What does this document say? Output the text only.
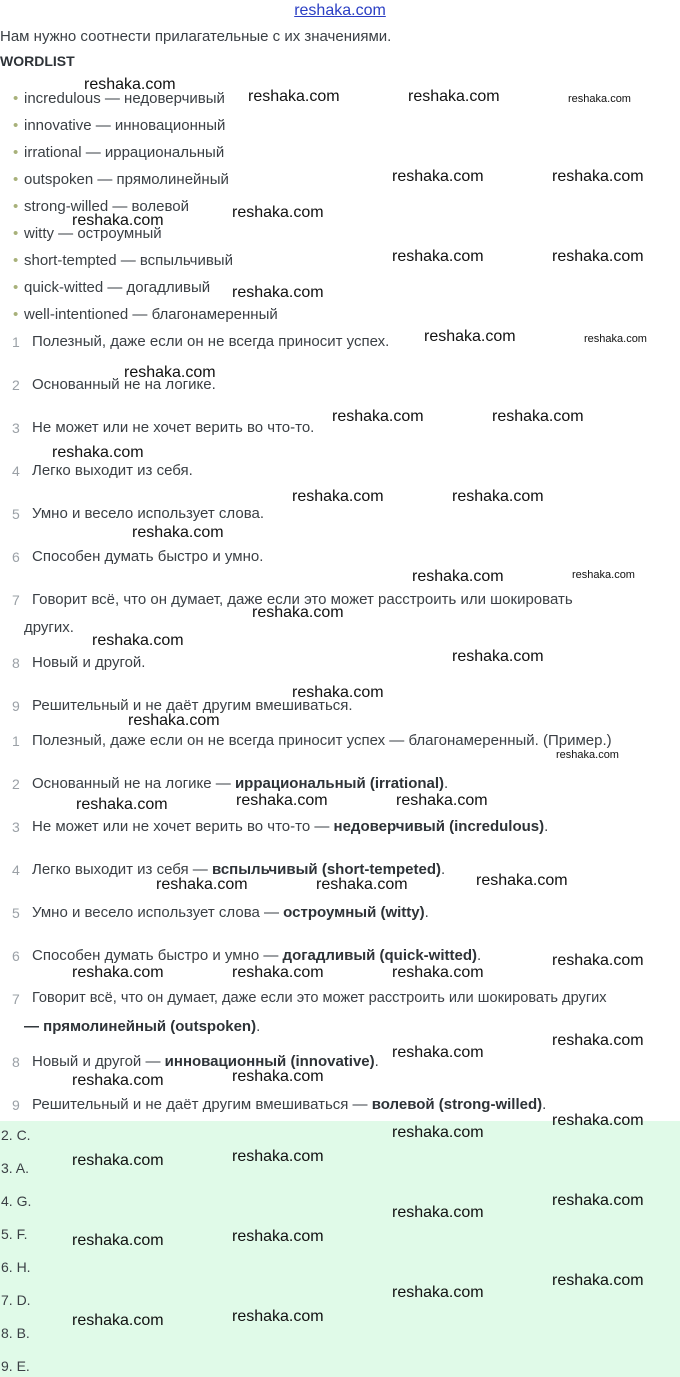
reshaka.com
Нам нужно соотнести прилагательные с их значениями.
WORDLIST
• incredulous — недоверчивый
• innovative — инновационный
• irrational — иррациональный
• outspoken — прямолинейный
• strong-willed — волевой
• witty — остроумный
• short-tempted — вспыльчивый
• quick-witted — догадливый
• well-intentioned — благонамеренный
1 Полезный, даже если он не всегда приносит успех.
2 Основанный не на логике.
3 Не может или не хочет верить во что-то.
4 Легко выходит из себя.
5 Умно и весело использует слова.
6 Способен думать быстро и умно.
7 Говорит всё, что он думает, даже если это может расстроить или шокировать
других.
8 Новый и другой.
9 Решительный и не даёт другим вмешиваться.
1 Полезный, даже если он не всегда приносит успех — благонамеренный. (Пример.)
2 Основанный не на логике — иррациональный (irrational).
3 Не может или не хочет верить во что-то — недоверчивый (incredulous).
4 Легко выходит из себя — вспыльчивый (short-tempeted).
5 Умно и весело использует слова — остроумный (witty).
6 Способен думать быстро и умно — догадливый (quick-witted).
7 Говорит всё, что он думает, даже если это может расстроить или шокировать других
— прямолинейный (outspoken).
8 Новый и другой — инновационный (innovative).
9 Решительный и не даёт другим вмешиваться — волевой (strong-willed).
2. C.
3. A.
4. G.
5. F.
6. H.
7. D.
8. B.
9. E.
reshaka.com
reshaka.com	reshaka.com	reshaka.com
reshaka.com	reshaka.com
reshaka.com
reshaka.com
reshaka.com	reshaka.com
reshaka.com
reshaka.com	reshaka.com
reshaka.com
reshaka.com	reshaka.com
reshaka.com
reshaka.com	reshaka.com
reshaka.com
reshaka.com	reshaka.com
reshaka.com
reshaka.com
reshaka.com
reshaka.com
reshaka.com
reshaka.com
reshaka.com	reshaka.com
reshaka.com
reshaka.com
reshaka.com	reshaka.com
reshaka.com
reshaka.com	reshaka.com	reshaka.com
reshaka.com
reshaka.com
reshaka.com
reshaka.com
reshaka.com
reshaka.com
reshaka.com
reshaka.com
reshaka.com
reshaka.com
reshaka.com
reshaka.com
reshaka.com
reshaka.com
reshaka.com
reshaka.com
